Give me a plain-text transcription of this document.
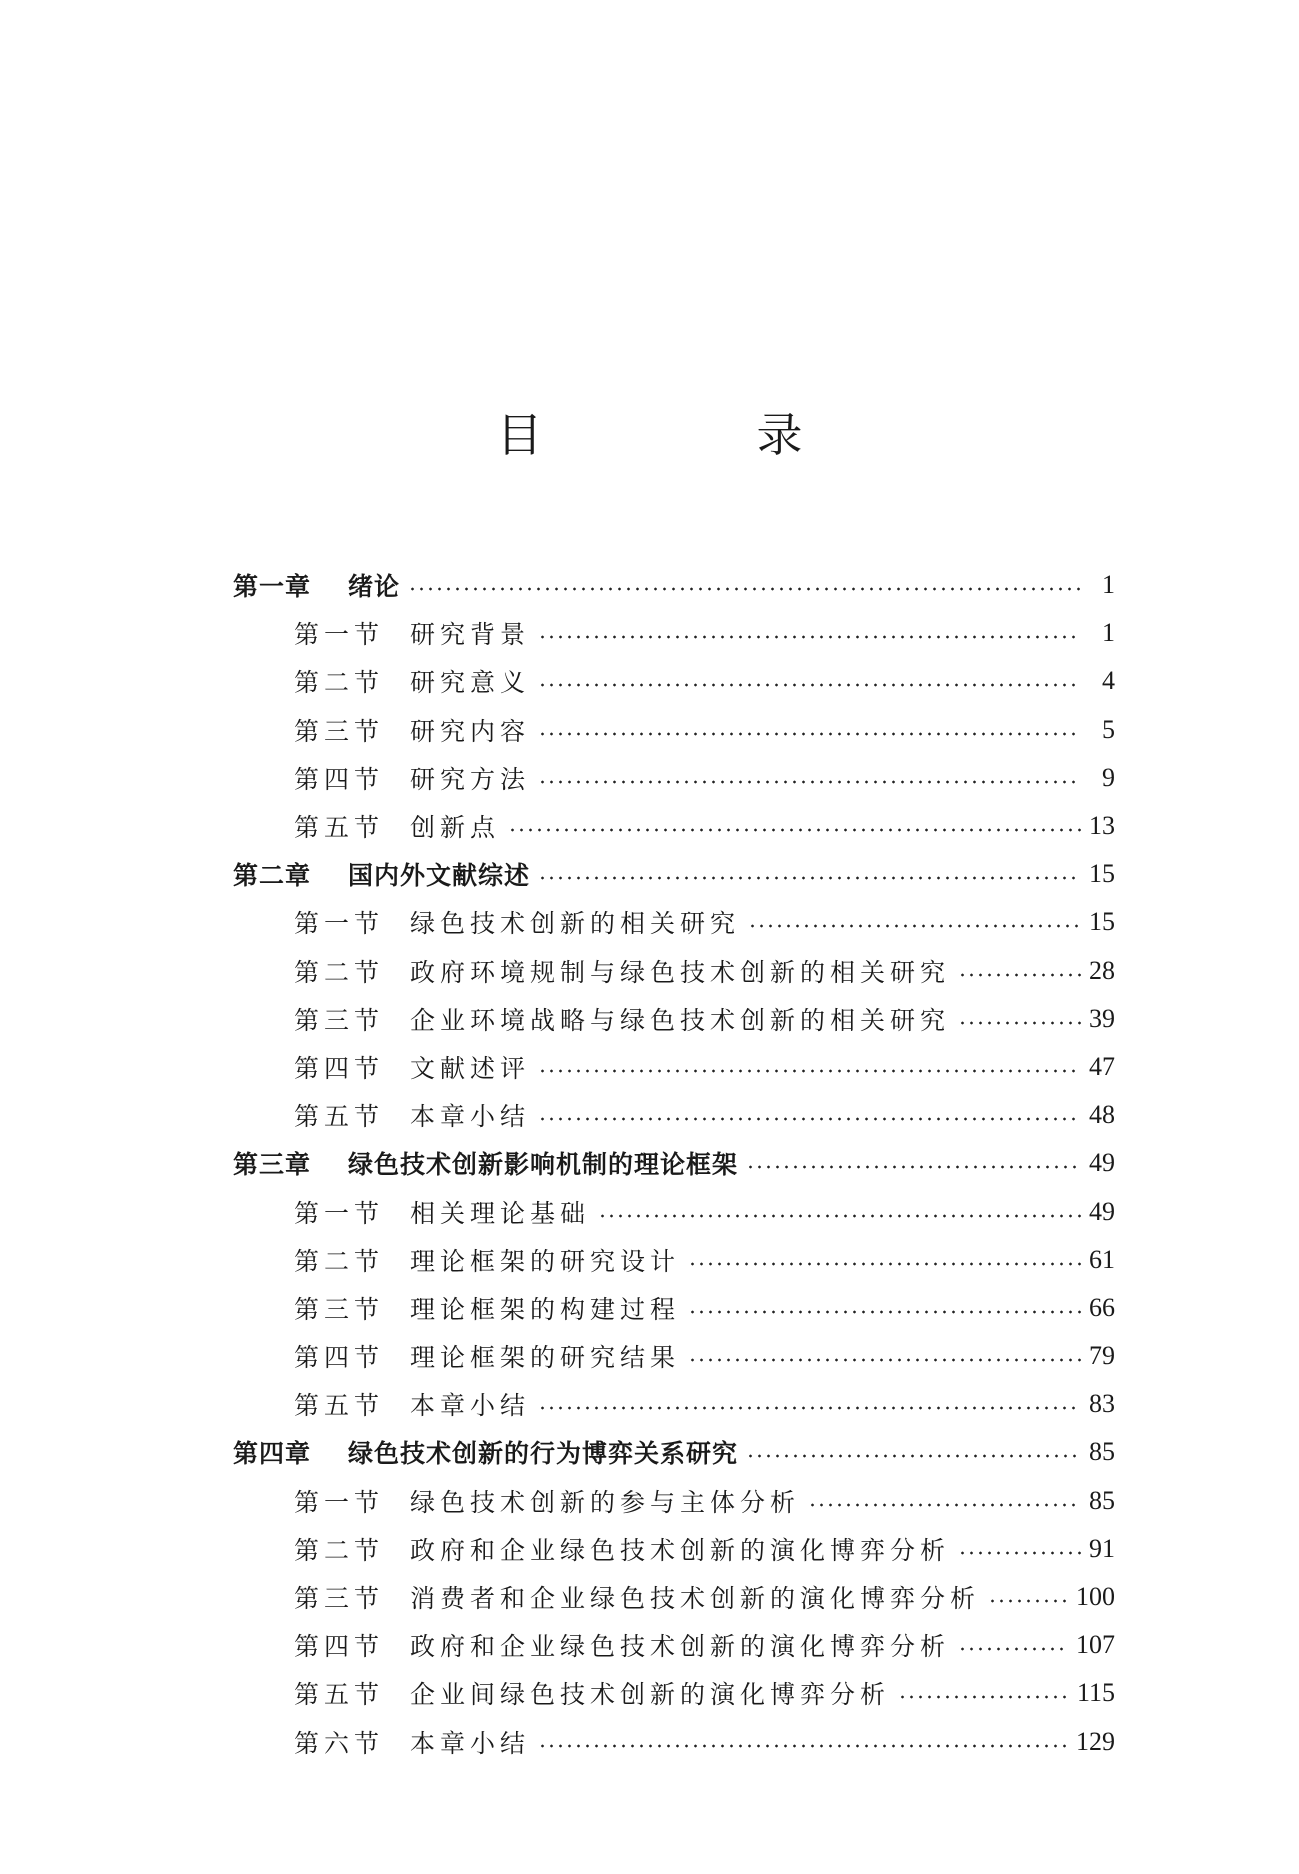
目　录
第一章	绪论	1
第一节	研究背景	1
第二节	研究意义	4
第三节	研究内容	5
第四节	研究方法	9
第五节	创新点	13
第二章	国内外文献综述	15
第一节	绿色技术创新的相关研究	15
第二节	政府环境规制与绿色技术创新的相关研究	28
第三节	企业环境战略与绿色技术创新的相关研究	39
第四节	文献述评	47
第五节	本章小结	48
第三章	绿色技术创新影响机制的理论框架	49
第一节	相关理论基础	49
第二节	理论框架的研究设计	61
第三节	理论框架的构建过程	66
第四节	理论框架的研究结果	79
第五节	本章小结	83
第四章	绿色技术创新的行为博弈关系研究	85
第一节	绿色技术创新的参与主体分析	85
第二节	政府和企业绿色技术创新的演化博弈分析	91
第三节	消费者和企业绿色技术创新的演化博弈分析	100
第四节	政府和企业绿色技术创新的演化博弈分析	107
第五节	企业间绿色技术创新的演化博弈分析	115
第六节	本章小结	129
